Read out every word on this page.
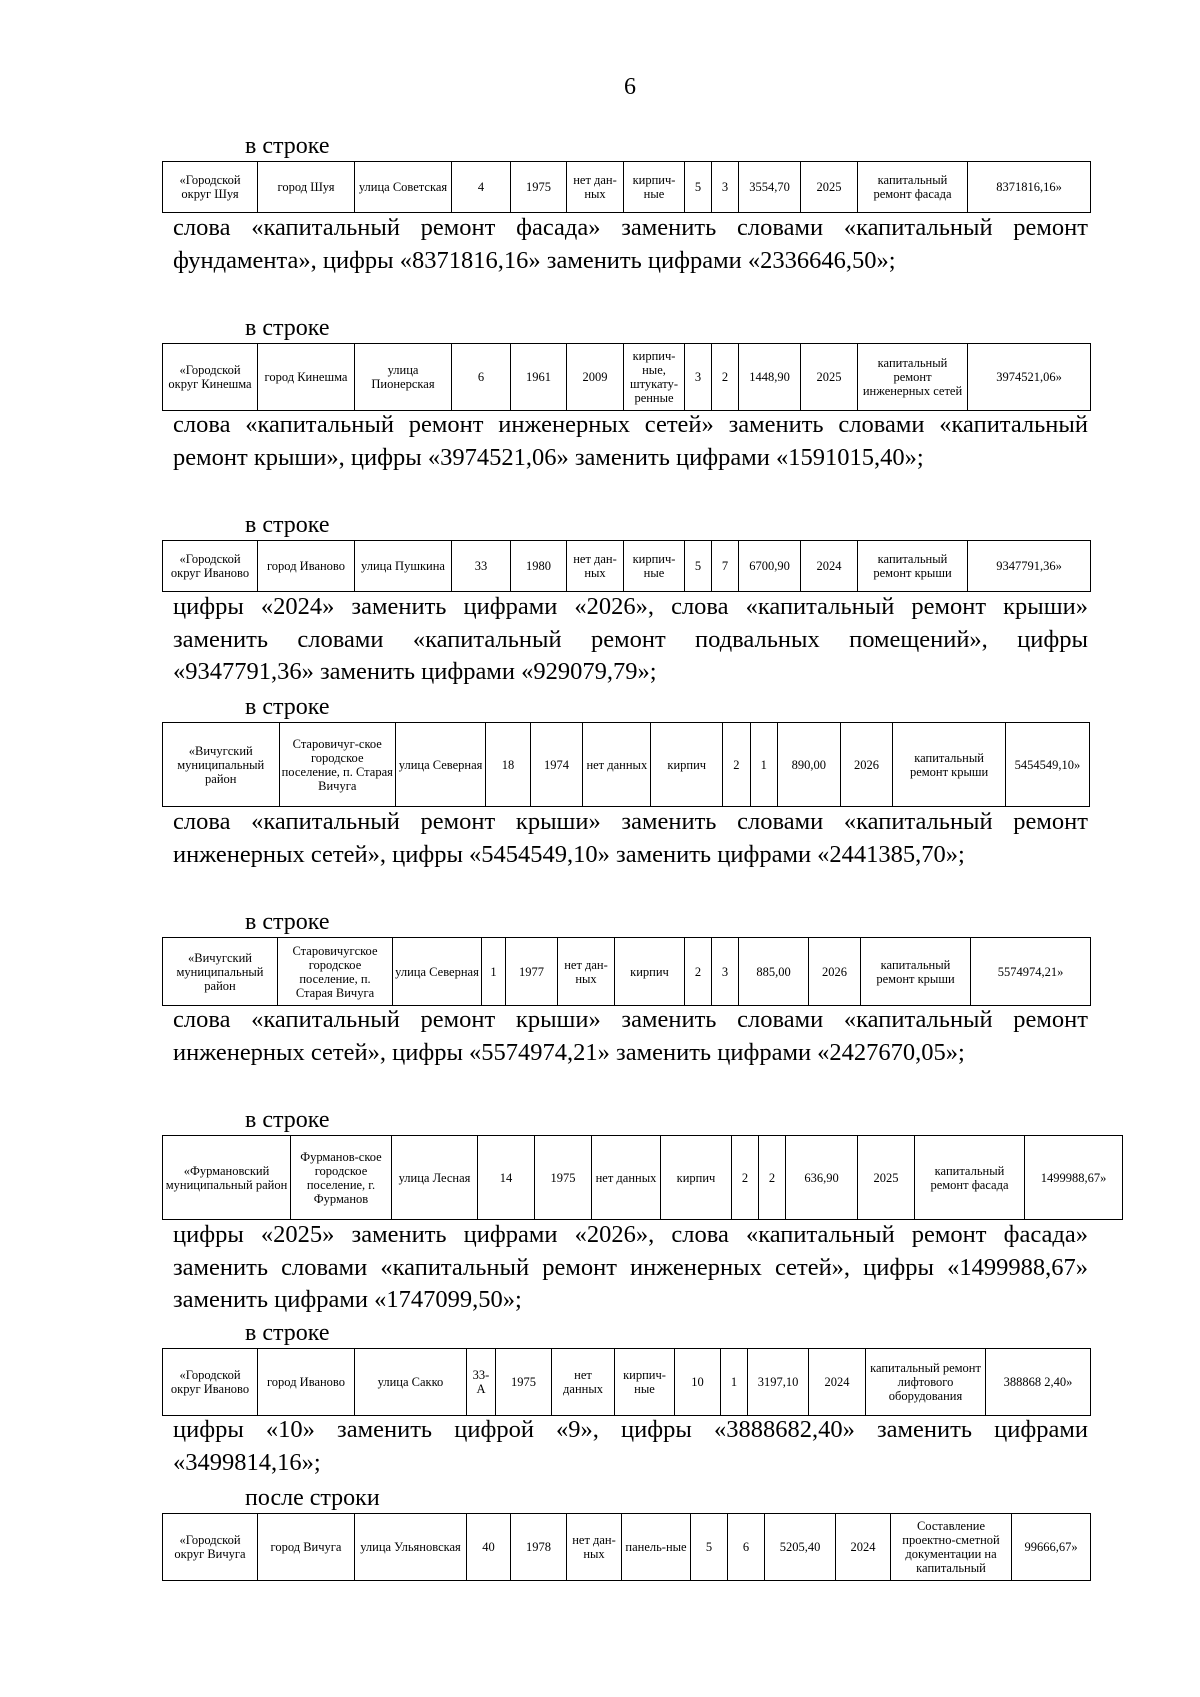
6
в строке
«Городской округ Шуя	город Шуя	улица Советская	4	1975	нет дан-ных	кирпич-ные	5	3	3554,70	2025	капитальный ремонт фасада	8371816,16»
слова «капитальный ремонт фасада» заменить словами «капитальный ремонт фундамента», цифры «8371816,16» заменить цифрами «2336646,50»;
в строке
«Городской округ Кинешма	город Кинешма	улица Пионерская	6	1961	2009	кирпич-ные, штукату-ренные	3	2	1448,90	2025	капитальный ремонт инженерных сетей	3974521,06»
слова «капитальный ремонт инженерных сетей» заменить словами «капитальный ремонт крыши», цифры «3974521,06» заменить цифрами «1591015,40»;
в строке
«Городской округ Иваново	город Иваново	улица Пушкина	33	1980	нет дан-ных	кирпич-ные	5	7	6700,90	2024	капитальный ремонт крыши	9347791,36»
цифры «2024» заменить цифрами «2026», слова «капитальный ремонт крыши» заменить словами «капитальный ремонт подвальных помещений», цифры «9347791,36» заменить цифрами «929079,79»;
в строке
«Вичугский муниципальный район	Старовичуг-ское городское поселение, п. Старая Вичуга	улица Северная	18	1974	нет данных	кирпич	2	1	890,00	2026	капитальный ремонт крыши	5454549,10»
слова «капитальный ремонт крыши» заменить словами «капитальный ремонт инженерных сетей», цифры «5454549,10» заменить цифрами «2441385,70»;
в строке
«Вичугский муниципальный район	Старовичугское городское поселение, п. Старая Вичуга	улица Северная	1	1977	нет дан-ных	кирпич	2	3	885,00	2026	капитальный ремонт крыши	5574974,21»
слова «капитальный ремонт крыши» заменить словами «капитальный ремонт инженерных сетей», цифры «5574974,21» заменить цифрами «2427670,05»;
в строке
«Фурмановский муниципальный район	Фурманов-ское городское поселение, г. Фурманов	улица Лесная	14	1975	нет данных	кирпич	2	2	636,90	2025	капитальный ремонт фасада	1499988,67»
цифры «2025» заменить цифрами «2026», слова «капитальный ремонт фасада» заменить словами «капитальный ремонт инженерных сетей», цифры «1499988,67» заменить цифрами «1747099,50»;
в строке
«Городской округ Иваново	город Иваново	улица Сакко	33-А	1975	нет данных	кирпич-ные	10	1	3197,10	2024	капитальный ремонт лифтового оборудования	388868 2,40»
цифры «10» заменить цифрой «9», цифры «3888682,40» заменить цифрами «3499814,16»;
после строки
«Городской округ Вичуга	город Вичуга	улица Ульяновская	40	1978	нет дан-ных	панель-ные	5	6	5205,40	2024	Составление проектно-сметной документации на капитальный	99666,67»
